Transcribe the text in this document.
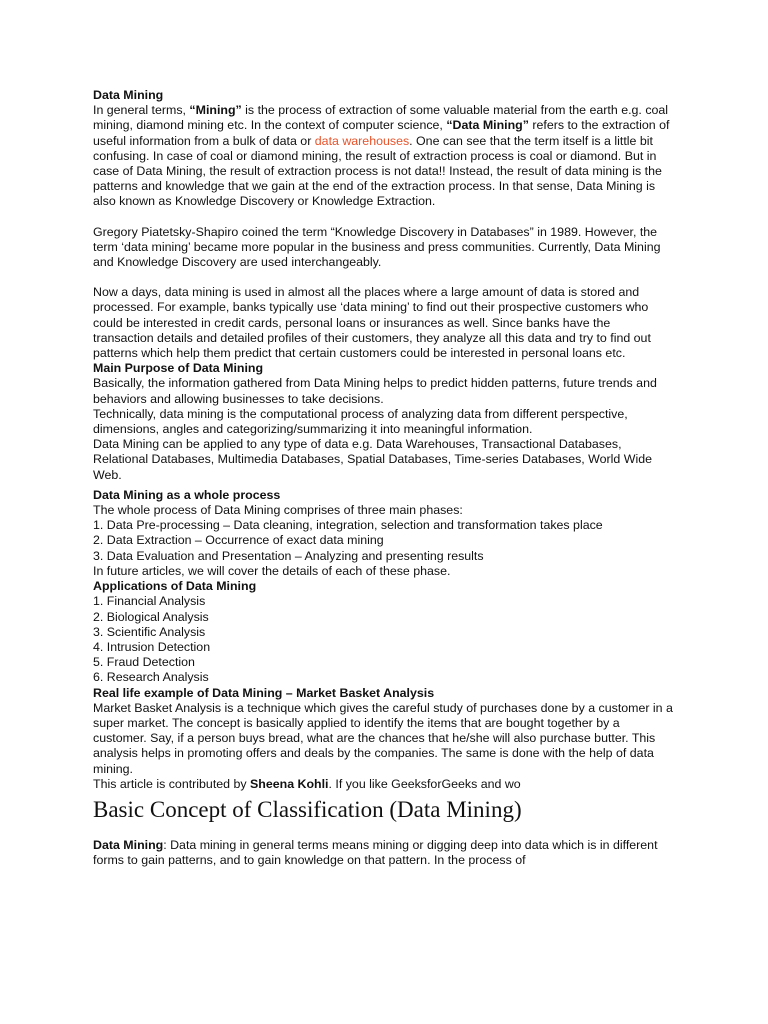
Data Mining

In general terms, “Mining” is the process of extraction of some valuable material from the earth e.g. coal mining, diamond mining etc. In the context of computer science, “Data Mining” refers to the extraction of useful information from a bulk of data or data warehouses. One can see that the term itself is a little bit confusing. In case of coal or diamond mining, the result of extraction process is coal or diamond. But in case of Data Mining, the result of extraction process is not data!! Instead, the result of data mining is the patterns and knowledge that we gain at the end of the extraction process. In that sense, Data Mining is also known as Knowledge Discovery or Knowledge Extraction.

Gregory Piatetsky-Shapiro coined the term “Knowledge Discovery in Databases” in 1989. However, the term ‘data mining’ became more popular in the business and press communities. Currently, Data Mining and Knowledge Discovery are used interchangeably.

Now a days, data mining is used in almost all the places where a large amount of data is stored and processed. For example, banks typically use ‘data mining’ to find out their prospective customers who could be interested in credit cards, personal loans or insurances as well. Since banks have the transaction details and detailed profiles of their customers, they analyze all this data and try to find out patterns which help them predict that certain customers could be interested in personal loans etc.

Main Purpose of Data Mining

Basically, the information gathered from Data Mining helps to predict hidden patterns, future trends and behaviors and allowing businesses to take decisions.

Technically, data mining is the computational process of analyzing data from different perspective, dimensions, angles and categorizing/summarizing it into meaningful information.

Data Mining can be applied to any type of data e.g. Data Warehouses, Transactional Databases, Relational Databases, Multimedia Databases, Spatial Databases, Time-series Databases, World Wide Web.

Data Mining as a whole process

The whole process of Data Mining comprises of three main phases:

1. Data Pre-processing – Data cleaning, integration, selection and transformation takes place
2. Data Extraction – Occurrence of exact data mining
3. Data Evaluation and Presentation – Analyzing and presenting results

In future articles, we will cover the details of each of these phase.

Applications of Data Mining

1. Financial Analysis
2. Biological Analysis
3. Scientific Analysis
4. Intrusion Detection
5. Fraud Detection
6. Research Analysis

Real life example of Data Mining – Market Basket Analysis

Market Basket Analysis is a technique which gives the careful study of purchases done by a customer in a super market. The concept is basically applied to identify the items that are bought together by a customer. Say, if a person buys bread, what are the chances that he/she will also purchase butter. This analysis helps in promoting offers and deals by the companies. The same is done with the help of data mining.

This article is contributed by Sheena Kohli. If you like GeeksforGeeks and wo

Basic Concept of Classification (Data Mining)

Data Mining: Data mining in general terms means mining or digging deep into data which is in different forms to gain patterns, and to gain knowledge on that pattern. In the process of
